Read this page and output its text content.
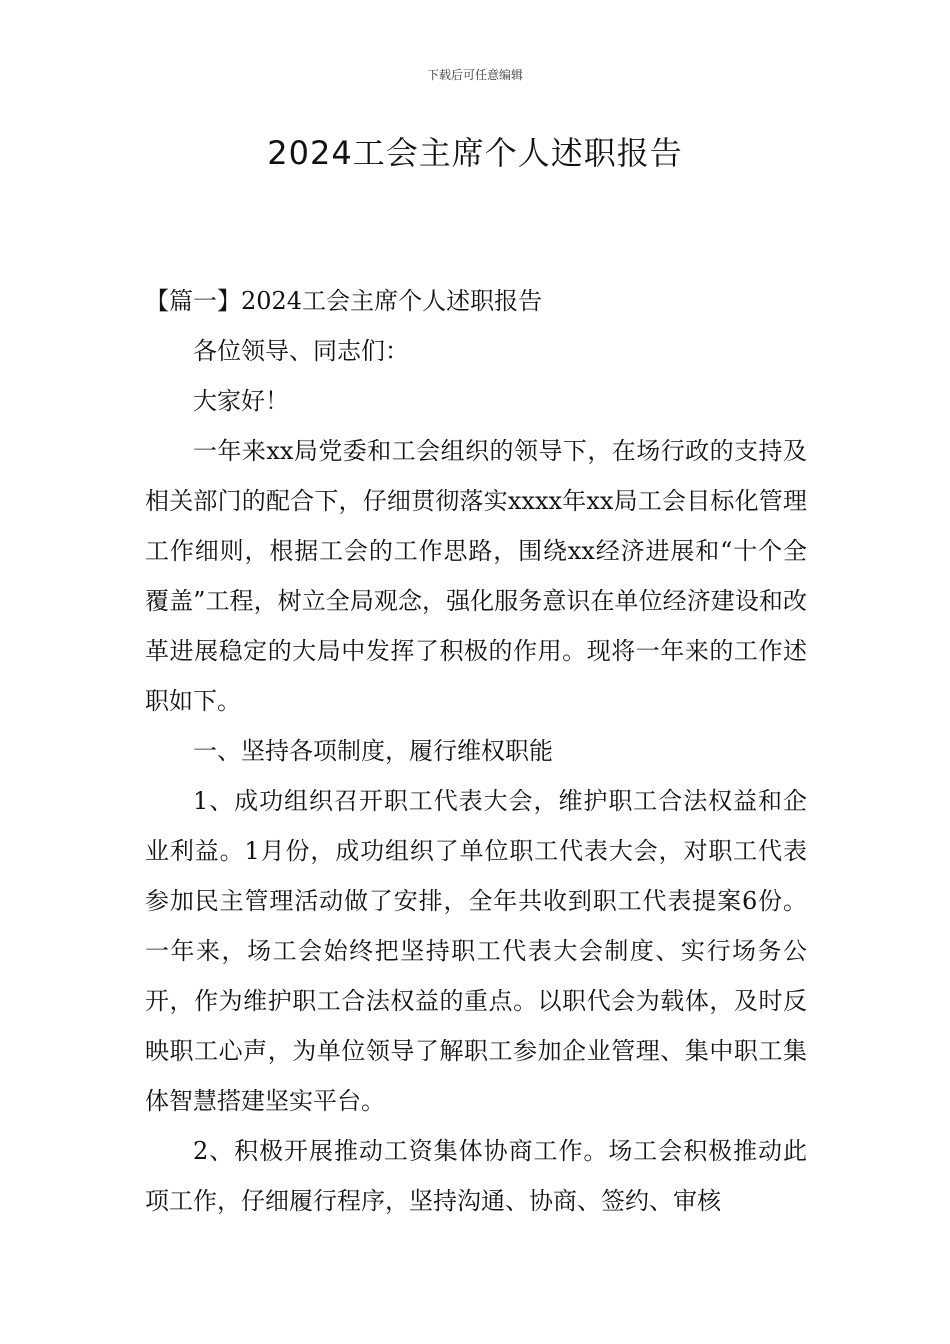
下载后可任意编辑
2024工会主席个人述职报告

【篇一】2024工会主席个人述职报告

各位领导、同志们：

大家好！

一年来xx局党委和工会组织的领导下，在场行政的支持及相关部门的配合下，仔细贯彻落实xxxx年xx局工会目标化管理工作细则，根据工会的工作思路，围绕xx经济进展和“十个全覆盖”工程，树立全局观念，强化服务意识在单位经济建设和改革进展稳定的大局中发挥了积极的作用。现将一年来的工作述职如下。

一、坚持各项制度，履行维权职能

1、成功组织召开职工代表大会，维护职工合法权益和企业利益。1月份，成功组织了单位职工代表大会，对职工代表参加民主管理活动做了安排，全年共收到职工代表提案6份。一年来，场工会始终把坚持职工代表大会制度、实行场务公开，作为维护职工合法权益的重点。以职代会为载体，及时反映职工心声，为单位领导了解职工参加企业管理、集中职工集体智慧搭建坚实平台。

2、积极开展推动工资集体协商工作。场工会积极推动此项工作，仔细履行程序，坚持沟通、协商、签约、审核
